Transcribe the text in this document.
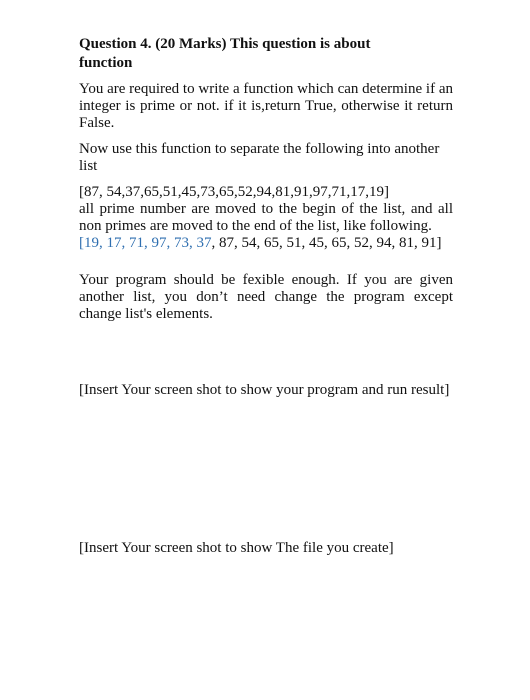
Question 4. (20 Marks) This question is about
function

You are required to write a function which can determine if an integer is prime or not. if it is,return True, otherwise it return False.

Now use this function to separate the following into another list

[87, 54,37,65,51,45,73,65,52,94,81,91,97,71,17,19]

all prime number are moved to the begin of the list, and all non primes are moved to the end of the list, like following.

[19, 17, 71, 97, 73, 37, 87, 54, 65, 51, 45, 65, 52, 94, 81, 91]

Your program should be fexible enough. If you are given another list, you don’t need change the program except change list's elements.

[Insert Your screen shot to show your program and run result]

[Insert Your screen shot to show The file you create]
